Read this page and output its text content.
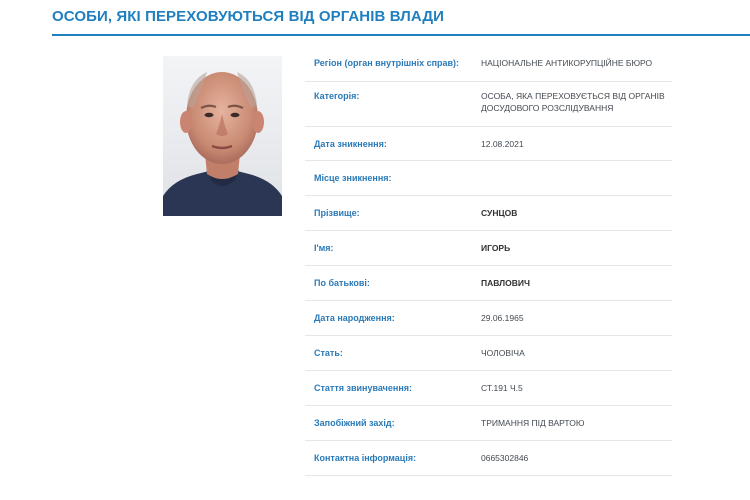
ОСОБИ, ЯКІ ПЕРЕХОВУЮТЬСЯ ВІД ОРГАНІВ ВЛАДИ
Регіон (орган внутрішніх справ):	НАЦІОНАЛЬНЕ АНТИКОРУПЦІЙНЕ БЮРО
Категорія:	ОСОБА, ЯКА ПЕРЕХОВУЄТЬСЯ ВІД ОРГАНІВ ДОСУДОВОГО РОЗСЛІДУВАННЯ
Дата зникнення:	12.08.2021
Місце зникнення:
Прізвище:	СУНЦОВ
І'мя:	ИГОРЬ
По батькові:	ПАВЛОВИЧ
Дата народження:	29.06.1965
Стать:	ЧОЛОВІЧА
Стаття звинувачення:	СТ.191 Ч.5
Запобіжний захід:	ТРИМАННЯ ПІД ВАРТОЮ
Контактна інформація:	0665302846
